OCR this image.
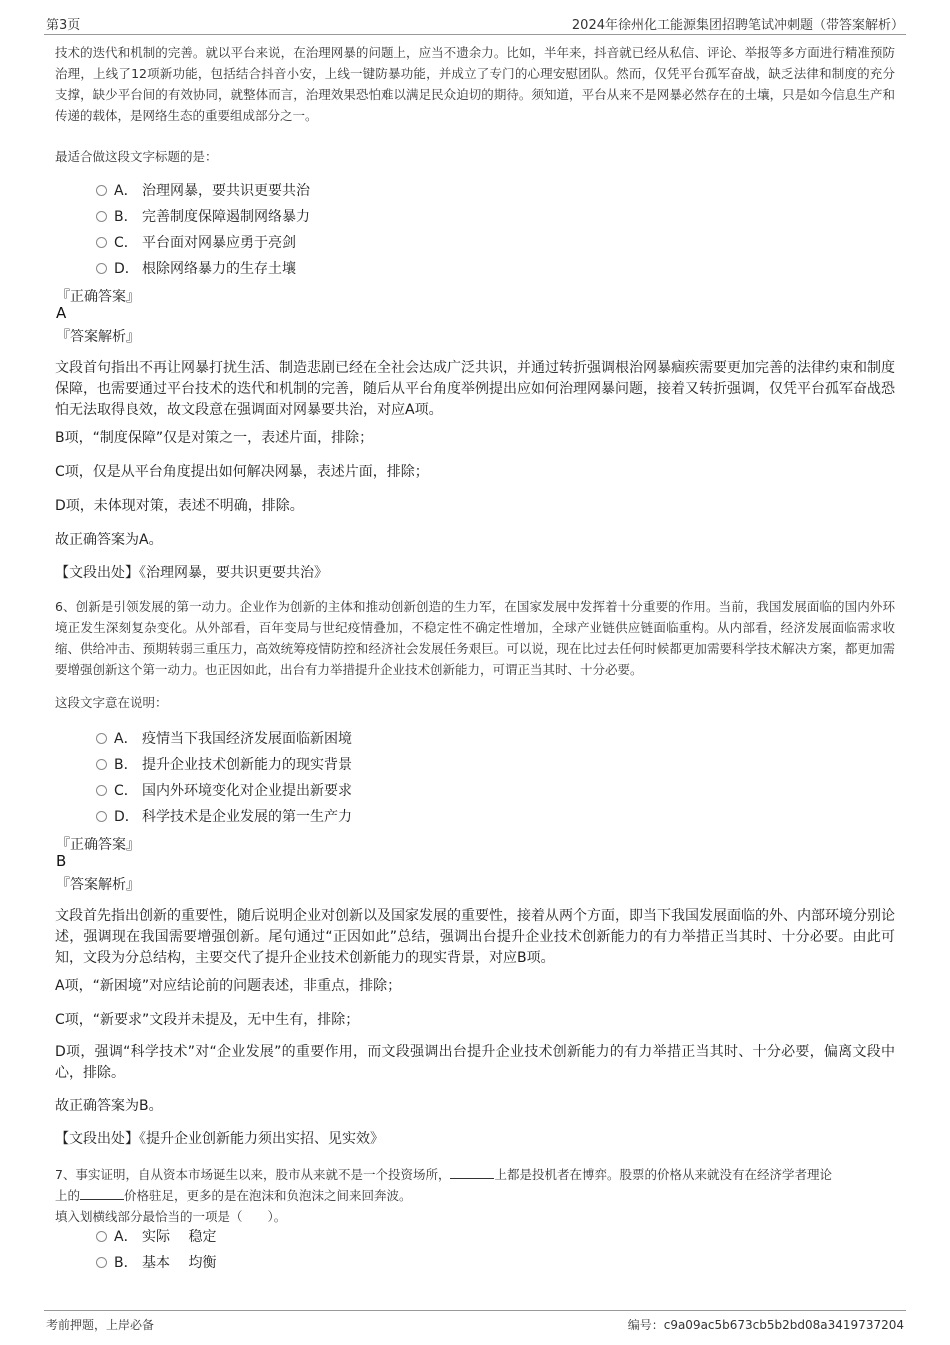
第3页	2024年徐州化工能源集团招聘笔试冲刺题（带答案解析）
技术的迭代和机制的完善。就以平台来说，在治理网暴的问题上，应当不遗余力。比如，半年来，抖音就已经从私信、评论、举报等多方面进行精准预防治理，上线了12项新功能，包括结合抖音小安，上线一键防暴功能，并成立了专门的心理安慰团队。然而，仅凭平台孤军奋战，缺乏法律和制度的充分支撑，缺少平台间的有效协同，就整体而言，治理效果恐怕难以满足民众迫切的期待。须知道，平台从来不是网暴必然存在的土壤，只是如今信息生产和传递的载体，是网络生态的重要组成部分之一。
最适合做这段文字标题的是：
A． 治理网暴，要共识更要共治
B． 完善制度保障遏制网络暴力
C． 平台面对网暴应勇于亮剑
D． 根除网络暴力的生存土壤
『正确答案』
A
『答案解析』
文段首句指出不再让网暴打扰生活、制造悲剧已经在全社会达成广泛共识，并通过转折强调根治网暴痼疾需要更加完善的法律约束和制度保障，也需要通过平台技术的迭代和机制的完善，随后从平台角度举例提出应如何治理网暴问题，接着又转折强调，仅凭平台孤军奋战恐怕无法取得良效，故文段意在强调面对网暴要共治，对应A项。
B项，“制度保障”仅是对策之一，表述片面，排除；
C项，仅是从平台角度提出如何解决网暴，表述片面，排除；
D项，未体现对策，表述不明确，排除。
故正确答案为A。
【文段出处】《治理网暴，要共识更要共治》
6、创新是引领发展的第一动力。企业作为创新的主体和推动创新创造的生力军，在国家发展中发挥着十分重要的作用。当前，我国发展面临的国内外环境正发生深刻复杂变化。从外部看，百年变局与世纪疫情叠加，不稳定性不确定性增加，全球产业链供应链面临重构。从内部看，经济发展面临需求收缩、供给冲击、预期转弱三重压力，高效统筹疫情防控和经济社会发展任务艰巨。可以说，现在比过去任何时候都更加需要科学技术解决方案，都更加需要增强创新这个第一动力。也正因如此，出台有力举措提升企业技术创新能力，可谓正当其时、十分必要。
这段文字意在说明：
A． 疫情当下我国经济发展面临新困境
B． 提升企业技术创新能力的现实背景
C． 国内外环境变化对企业提出新要求
D． 科学技术是企业发展的第一生产力
『正确答案』
B
『答案解析』
文段首先指出创新的重要性，随后说明企业对创新以及国家发展的重要性，接着从两个方面，即当下我国发展面临的外、内部环境分别论述，强调现在我国需要增强创新。尾句通过“正因如此”总结，强调出台提升企业技术创新能力的有力举措正当其时、十分必要。由此可知，文段为分总结构，主要交代了提升企业技术创新能力的现实背景，对应B项。
A项，“新困境”对应结论前的问题表述，非重点，排除；
C项，“新要求”文段并未提及，无中生有，排除；
D项，强调“科学技术”对“企业发展”的重要作用，而文段强调出台提升企业技术创新能力的有力举措正当其时、十分必要，偏离文段中心，排除。
故正确答案为B。
【文段出处】《提升企业创新能力须出实招、见实效》
7、事实证明，自从资本市场诞生以来，股市从来就不是一个投资场所，	上都是投机者在博弈。股票的价格从来就没有在经济学者理论
上的	价格驻足，更多的是在泡沫和负泡沫之间来回奔波。
填入划横线部分最恰当的一项是（　　）。
A． 实际　 稳定
B． 基本　 均衡
考前押题，上岸必备	编号：c9a09ac5b673cb5b2bd08a3419737204
